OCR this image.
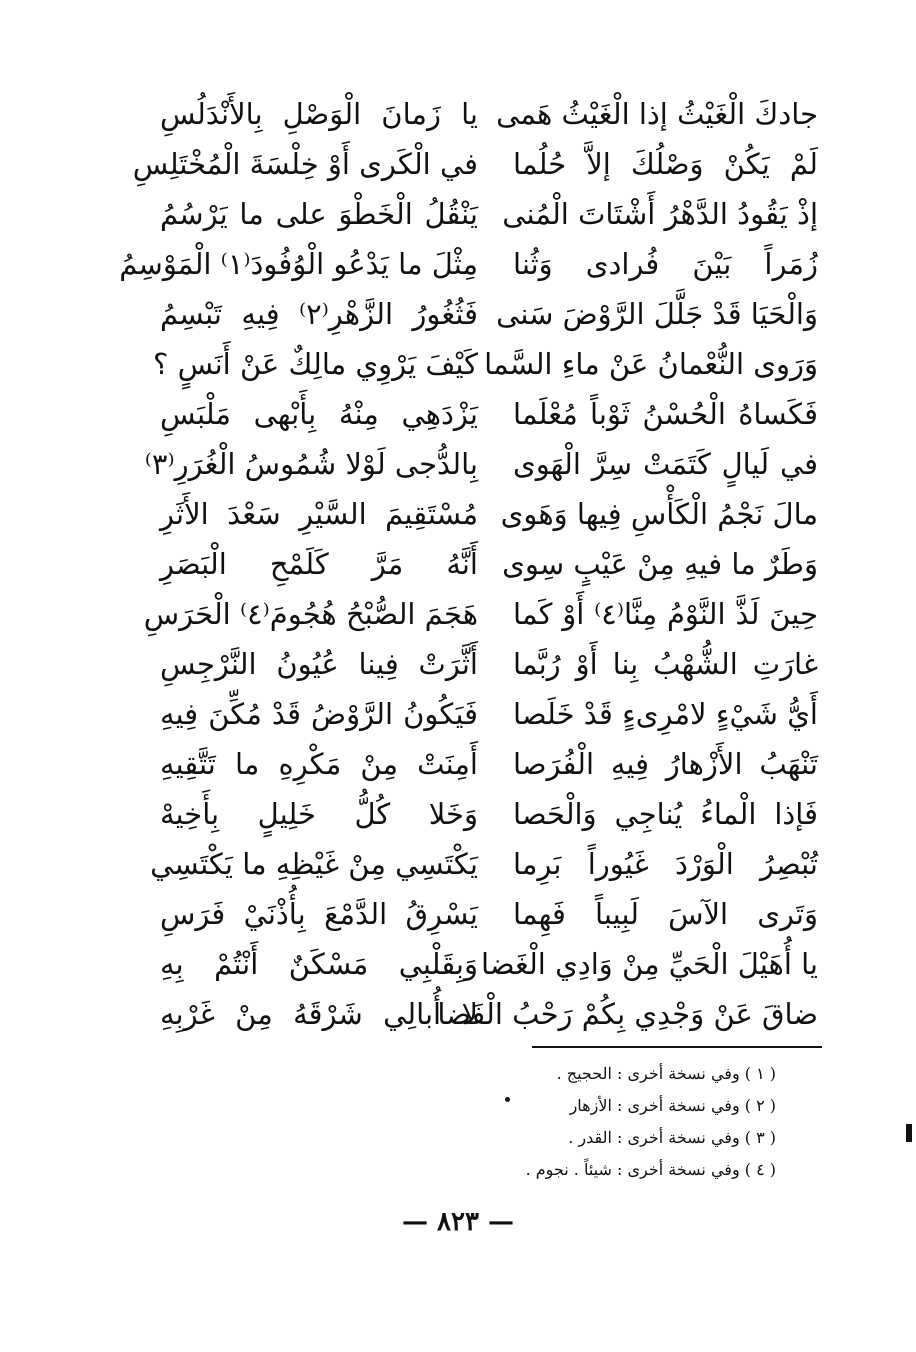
جادكَ الْغَيْثُ إذا الْغَيْثُ هَمى
لَمْ يَكُنْ وَصْلُكَ إلاَّ حُلُما
إذْ يَقُودُ الدَّهْرُ أَشْتَاتَ الْمُنى
زُمَراً بَيْنَ فُرادى وَثُنا
وَالْحَيَا قَدْ جَلَّلَ الرَّوْضَ سَنى
وَرَوى النُّعْمانُ عَنْ ماءِ السَّما
فَكَساهُ الْحُسْنُ ثَوْباً مُعْلَما
في لَيالٍ كَتَمَتْ سِرَّ الْهَوى
مالَ نَجْمُ الْكَأْسِ فِيها وَهَوى
وَطَرٌ ما فيهِ مِنْ عَيْبٍ سِوى
حِينَ لَذَّ النَّوْمُ مِنَّا⁽٤⁾ أَوْ كَما
غارَتِ الشُّهْبُ بِنا أَوْ رُبَّما
أَيُّ شَيْءٍ لامْرِىءٍ قَدْ خَلَصا
تَنْهَبُ الأَزْهارُ فِيهِ الْفُرَصا
فَإذا الْماءُ يُناجِي وَالْحَصا
تُبْصِرُ الْوَرْدَ غَيُوراً بَرِما
وَتَرى الآسَ لَبِيباً فَهِما
يا أُهَيْلَ الْحَيِّ مِنْ وَادِي الْغَضا
ضاقَ عَنْ وَجْدِي بِكُمْ رَحْبُ الْفَضا
يا زَمانَ الْوَصْلِ بِالأَنْدَلُسِ
في الْكَرى أَوْ خِلْسَةَ الْمُخْتَلِسِ
يَنْقُلُ الْخَطْوَ على ما يَرْسُمُ
مِثْلَ ما يَدْعُو الْوُفُودَ⁽١⁾ الْمَوْسِمُ
فَثُغُورُ الزَّهْرِ⁽٢⁾ فِيهِ تَبْسِمُ
كَيْفَ يَرْوِي مالِكٌ عَنْ أَنَسٍ ؟
يَزْدَهِي مِنْهُ بِأَبْهى مَلْبَسِ
بِالدُّجى لَوْلا شُمُوسُ الْغُرَرِ⁽٣⁾
مُسْتَقِيمَ السَّيْرِ سَعْدَ الأَثَرِ
أَنَّهُ مَرَّ كَلَمْحِ الْبَصَرِ
هَجَمَ الصُّبْحُ هُجُومَ⁽٤⁾ الْحَرَسِ
أَثَّرَتْ فِينا عُيُونُ النَّرْجِسِ
فَيَكُونُ الرَّوْضُ قَدْ مُكِّنَ فِيهِ
أَمِنَتْ مِنْ مَكْرِهِ ما تَتَّقِيهِ
وَخَلا كُلُّ خَلِيلٍ بِأَخِيهْ
يَكْتَسِي مِنْ غَيْظِهِ ما يَكْتَسِي
يَسْرِقُ الدَّمْعَ بِأُذْنَيْ فَرَسِ
وَبِقَلْبِي مَسْكَنٌ أَنْتُمْ بِهِ
لا أُبالِي شَرْقَهُ مِنْ غَرْبِهِ
( ١ ) وفي نسخة أخرى : الحجيج .
( ٢ ) وفي نسخة أخرى : الأزهار
( ٣ ) وفي نسخة أخرى : القدر .
( ٤ ) وفي نسخة أخرى : شيئاً . نجوم .
— ٨٢٣ —
